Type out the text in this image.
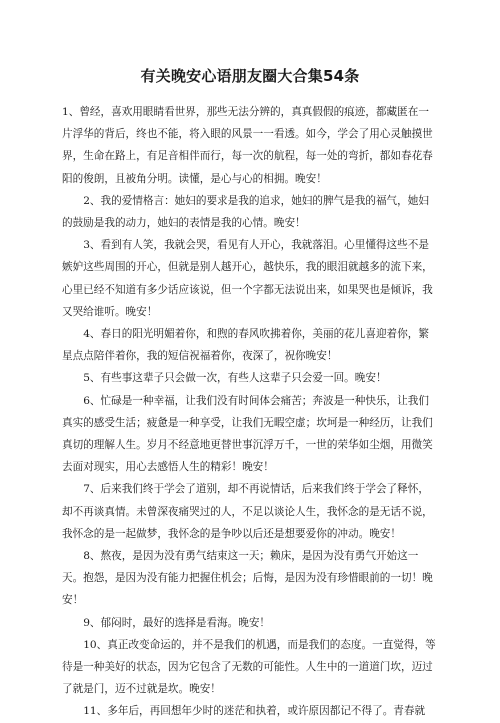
有关晚安心语朋友圈大合集54条

1、曾经，喜欢用眼睛看世界，那些无法分辨的，真真假假的痕迹，都藏匿在一片浮华的背后，终也不能，将入眼的风景一一看透。如今，学会了用心灵触摸世界，生命在路上，有足音相伴而行，每一次的航程，每一处的弯折，都如春花春阳的俊朗，且被角分明。读懂，是心与心的相拥。晚安！

2、我的爱情格言：她妇的要求是我的追求，她妇的脾气是我的福气，她妇的鼓励是我的动力，她妇的表情是我的心情。晚安！

3、看到有人笑，我就会哭，看见有人开心，我就落泪。心里懂得这些不是嫉妒这些周围的开心，但就是别人越开心，越快乐，我的眼泪就越多的流下来，心里已经不知道有多少话应该说，但一个字都无法说出来，如果哭也是倾诉，我又哭给谁听。晚安！

4、春日的阳光明媚着你，和煦的春风吹拂着你，美丽的花儿喜迎着你，繁星点点陪伴着你，我的短信祝福着你，夜深了，祝你晚安！

5、有些事这辈子只会做一次，有些人这辈子只会爱一回。晚安！

6、忙碌是一种幸福，让我们没有时间体会痛苦；奔波是一种快乐，让我们真实的感受生活；疲惫是一种享受，让我们无暇空虚；坎坷是一种经历，让我们真切的理解人生。岁月不经意地更替世事沉浮万千，一世的荣华如尘烟，用微笑去面对现实，用心去感悟人生的精彩！晚安！

7、后来我们终于学会了道别，却不再说情话，后来我们终于学会了释怀，却不再谈真情。未曾深夜痛哭过的人，不足以谈论人生，我怀念的是无话不说，我怀念的是一起做梦，我怀念的是争吵以后还是想要爱你的冲动。晚安！

8、熬夜，是因为没有勇气结束这一天；赖床，是因为没有勇气开始这一天。抱怨，是因为没有能力把握住机会；后悔，是因为没有珍惜眼前的一切！晚安！

9、郁闷时，最好的选择是看海。晚安！

10、真正改变命运的，并不是我们的机遇，而是我们的态度。一直觉得，等待是一种美好的状态，因为它包含了无数的可能性。人生中的一道道门坎，迈过了就是门，迈不过就是坎。晚安！

11、多年后，再回想年少时的迷茫和执着，或许原因都记不得了。青春就
